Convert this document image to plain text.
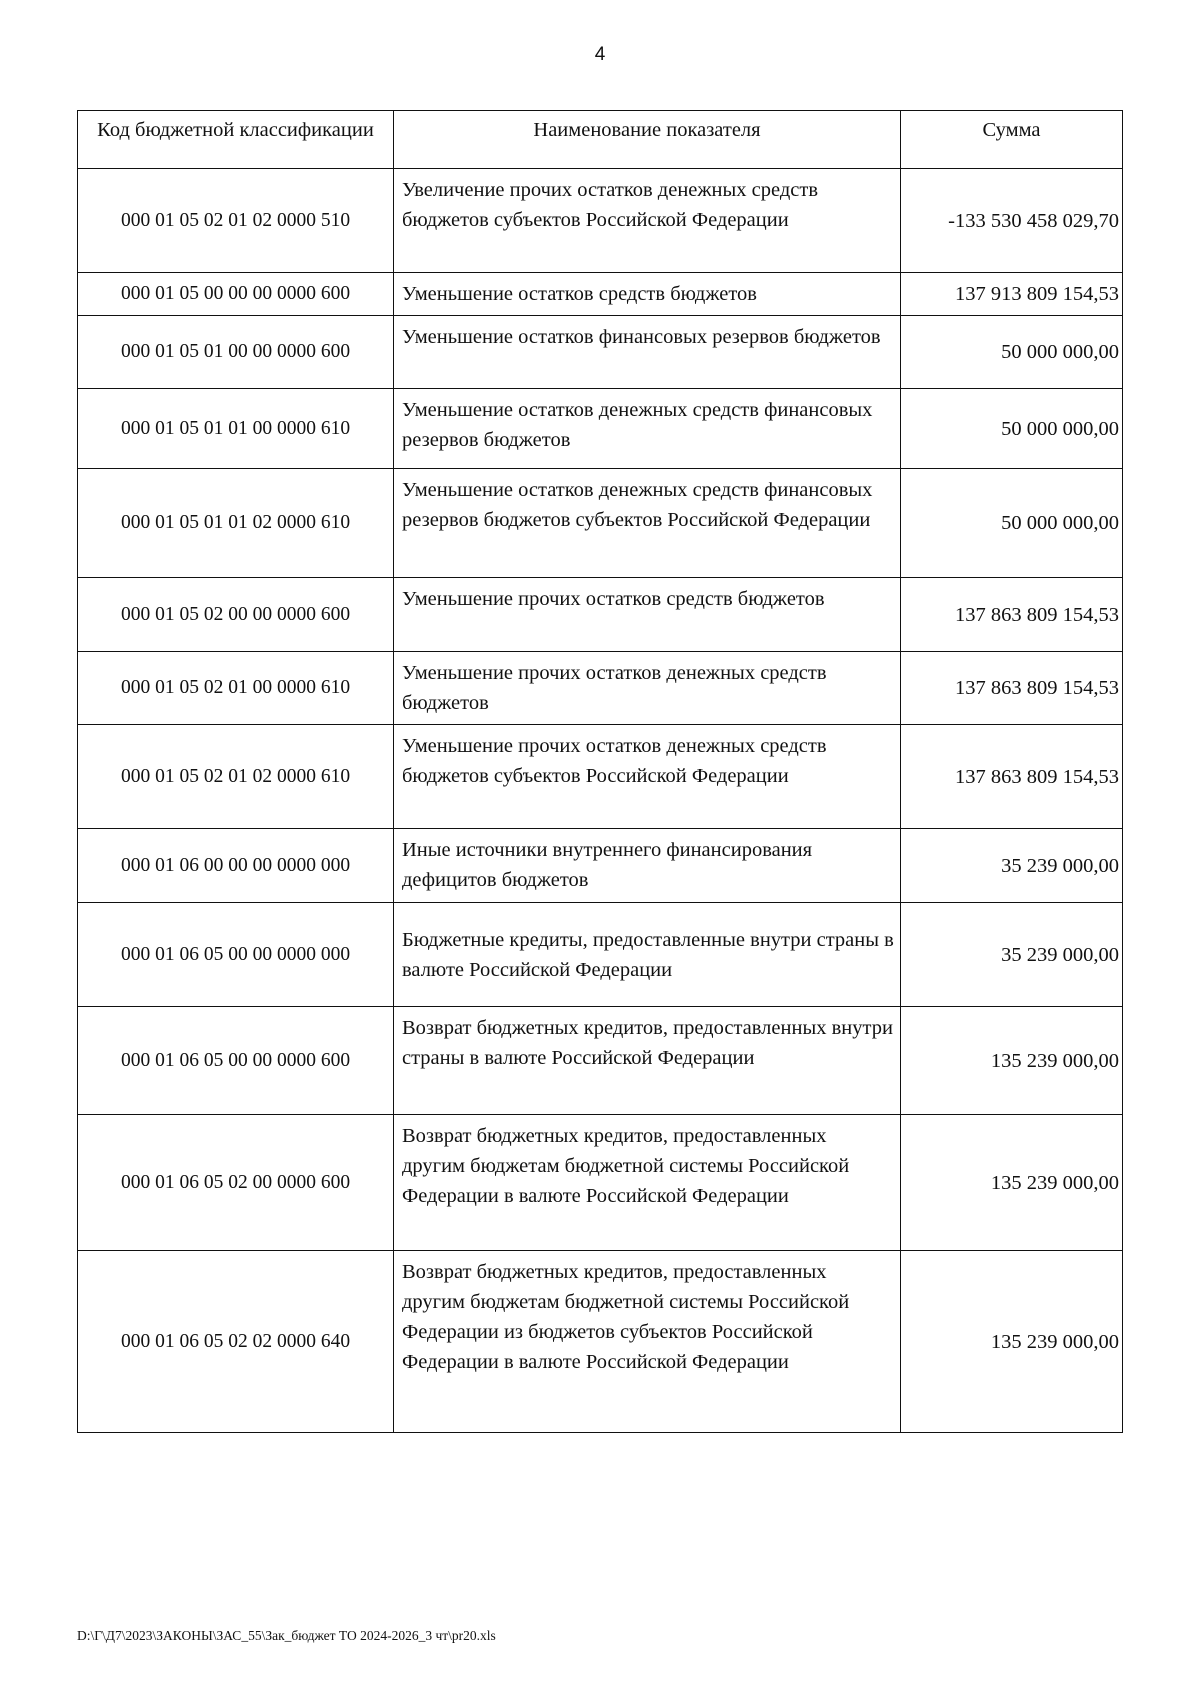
4
Код бюджетной классификации	Наименование показателя	Сумма
000 01 05 02 01 02 0000 510	Увеличение прочих остатков денежных средств бюджетов субъектов Российской Федерации	-133 530 458 029,70
000 01 05 00 00 00 0000 600	Уменьшение остатков средств бюджетов	137 913 809 154,53
000 01 05 01 00 00 0000 600	Уменьшение остатков финансовых резервов бюджетов	50 000 000,00
000 01 05 01 01 00 0000 610	Уменьшение остатков денежных средств финансовых резервов бюджетов	50 000 000,00
000 01 05 01 01 02 0000 610	Уменьшение остатков денежных средств финансовых резервов бюджетов субъектов Российской Федерации	50 000 000,00
000 01 05 02 00 00 0000 600	Уменьшение прочих остатков средств бюджетов	137 863 809 154,53
000 01 05 02 01 00 0000 610	Уменьшение прочих остатков денежных средств бюджетов	137 863 809 154,53
000 01 05 02 01 02 0000 610	Уменьшение прочих остатков денежных средств бюджетов субъектов Российской Федерации	137 863 809 154,53
000 01 06 00 00 00 0000 000	Иные источники внутреннего финансирования дефицитов бюджетов	35 239 000,00
000 01 06 05 00 00 0000 000	Бюджетные кредиты, предоставленные внутри страны в валюте Российской Федерации	35 239 000,00
000 01 06 05 00 00 0000 600	Возврат бюджетных кредитов, предоставленных внутри страны в валюте Российской Федерации	135 239 000,00
000 01 06 05 02 00 0000 600	Возврат бюджетных кредитов, предоставленных другим бюджетам бюджетной системы Российской Федерации в валюте Российской Федерации	135 239 000,00
000 01 06 05 02 02 0000 640	Возврат бюджетных кредитов, предоставленных другим бюджетам бюджетной системы Российской Федерации из бюджетов субъектов Российской Федерации в валюте Российской Федерации	135 239 000,00
D:\Г\Д7\2023\ЗАКОНЫ\ЗАС_55\Зак_бюджет ТО 2024-2026_3 чт\pr20.xls
